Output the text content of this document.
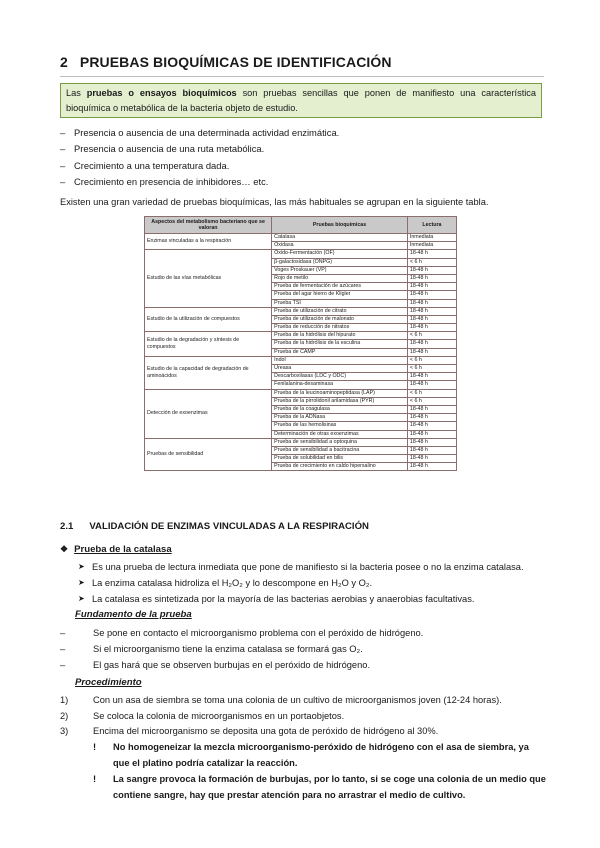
2 PRUEBAS BIOQUÍMICAS DE IDENTIFICACIÓN
Las pruebas o ensayos bioquímicos son pruebas sencillas que ponen de manifiesto una característica bioquímica o metabólica de la bacteria objeto de estudio.
– Presencia o ausencia de una determinada actividad enzimática.
– Presencia o ausencia de una ruta metabólica.
– Crecimiento a una temperatura dada.
– Crecimiento en presencia de inhibidores… etc.
Existen una gran variedad de pruebas bioquímicas, las más habituales se agrupan en la siguiente tabla.
Aspectos del metabolismo bacteriano que se valoran	Pruebas bioquímicas	Lectura
Enzimas vinculadas a la respiración	Catalasa	Inmediata
	Oxidasa	Inmediata
Estudio de las vías metabólicas	Óxido-Fermentación (OF)	18-48 h
	β-galactosidasa (ONPG)	< 6 h
	Voges Proskauer (VP)	18-48 h
	Rojo de metilo	18-48 h
	Prueba de fermentación de azúcares	18-48 h
	Prueba del agar hierro de Kligler	18-48 h
	Prueba TSI	18-48 h
Estudio de la utilización de compuestos	Prueba de utilización de citrato	18-48 h
	Prueba de utilización de malonato	18-48 h
	Prueba de reducción de nitratos	18-48 h
Estudio de la degradación y síntesis de compuestos	Prueba de la hidrólisis del hipurato	< 6 h
	Prueba de la hidrólisis de la esculina	18-48 h
	Prueba de CAMP	18-48 h
Estudio de la capacidad de degradación de aminoácidos	Indol	< 6 h
	Ureasa	< 6 h
	Descarboxilasas (LDC y ODC)	18-48 h
	Fenilalanina-desaminasa	18-48 h
Detección de exoenzimas	Prueba de la leucinoaminopeptidasa (LAP)	< 6 h
	Prueba de la pirrolidonil arilamidasa (PYR)	< 6 h
	Prueba de la coagulasa	18-48 h
	Prueba de la ADNasa	18-48 h
	Prueba de las hemolisinas	18-48 h
	Determinación de otras exoenzimas	18-48 h
Pruebas de sensibilidad	Prueba de sensibilidad a optoquina	18-48 h
	Prueba de sensibilidad a bacitracina	18-48 h
	Prueba de solubilidad en bilis	18-48 h
	Prueba de crecimiento en caldo hipersalino	18-48 h
2.1 VALIDACIÓN DE ENZIMAS VINCULADAS A LA RESPIRACIÓN
❖ Prueba de la catalasa
➤ Es una prueba de lectura inmediata que pone de manifiesto si la bacteria posee o no la enzima catalasa.
➤ La enzima catalasa hidroliza el H₂O₂ y lo descompone en H₂O y O₂.
➤ La catalasa es sintetizada por la mayoría de las bacterias aerobias y anaerobias facultativas.
Fundamento de la prueba
–	Se pone en contacto el microorganismo problema con el peróxido de hidrógeno.
–	Si el microorganismo tiene la enzima catalasa se formará gas O₂.
–	El gas hará que se observen burbujas en el peróxido de hidrógeno.
Procedimiento
1)	Con un asa de siembra se toma una colonia de un cultivo de microorganismos joven (12-24 horas).
2)	Se coloca la colonia de microorganismos en un portaobjetos.
3)	Encima del microorganismo se deposita una gota de peróxido de hidrógeno al 30%.
! No homogeneizar la mezcla microorganismo-peróxido de hidrógeno con el asa de siembra, ya que el platino podría catalizar la reacción.
! La sangre provoca la formación de burbujas, por lo tanto, si se coge una colonia de un medio que contiene sangre, hay que prestar atención para no arrastrar el medio de cultivo.
